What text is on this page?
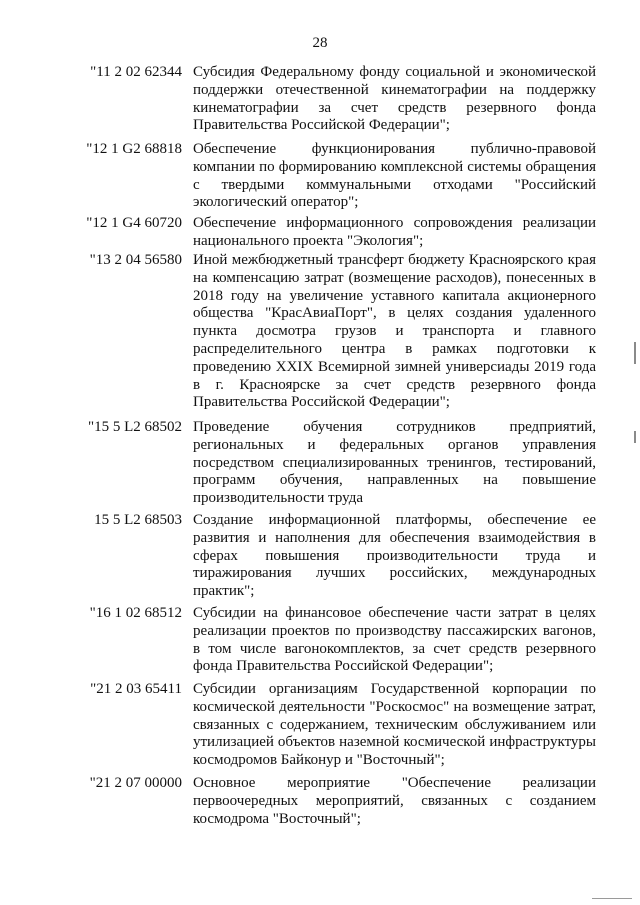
28
"11 2 02 62344 Субсидия Федеральному фонду социальной и экономической
поддержки отечественной кинематографии на поддержку
кинематографии за счет средств резервного фонда
Правительства Российской Федерации";
"12 1 G2 68818 Обеспечение функционирования публично-правовой
компании по формированию комплексной системы обращения
с твердыми коммунальными отходами "Российский
экологический оператор";
"12 1 G4 60720 Обеспечение информационного сопровождения реализации
национального проекта "Экология";
"13 2 04 56580 Иной межбюджетный трансферт бюджету Красноярского края
на компенсацию затрат (возмещение расходов), понесенных в
2018 году на увеличение уставного капитала акционерного
общества "КрасАвиаПорт", в целях создания удаленного
пункта досмотра грузов и транспорта и главного
распределительного центра в рамках подготовки к
проведению XXIX Всемирной зимней универсиады 2019 года
в г. Красноярске за счет средств резервного фонда
Правительства Российской Федерации";
"15 5 L2 68502 Проведение обучения сотрудников предприятий,
региональных и федеральных органов управления
посредством специализированных тренингов, тестирований,
программ обучения, направленных на повышение
производительности труда
15 5 L2 68503 Создание информационной платформы, обеспечение ее
развития и наполнения для обеспечения взаимодействия в
сферах повышения производительности труда и
тиражирования лучших российских, международных
практик";
"16 1 02 68512 Субсидии на финансовое обеспечение части затрат в целях
реализации проектов по производству пассажирских вагонов,
в том числе вагонокомплектов, за счет средств резервного
фонда Правительства Российской Федерации";
"21 2 03 65411 Субсидии организациям Государственной корпорации по
космической деятельности "Роскосмос" на возмещение затрат,
связанных с содержанием, техническим обслуживанием или
утилизацией объектов наземной космической инфраструктуры
космодромов Байконур и "Восточный";
"21 2 07 00000 Основное мероприятие "Обеспечение реализации
первоочередных мероприятий, связанных с созданием
космодрома "Восточный";
